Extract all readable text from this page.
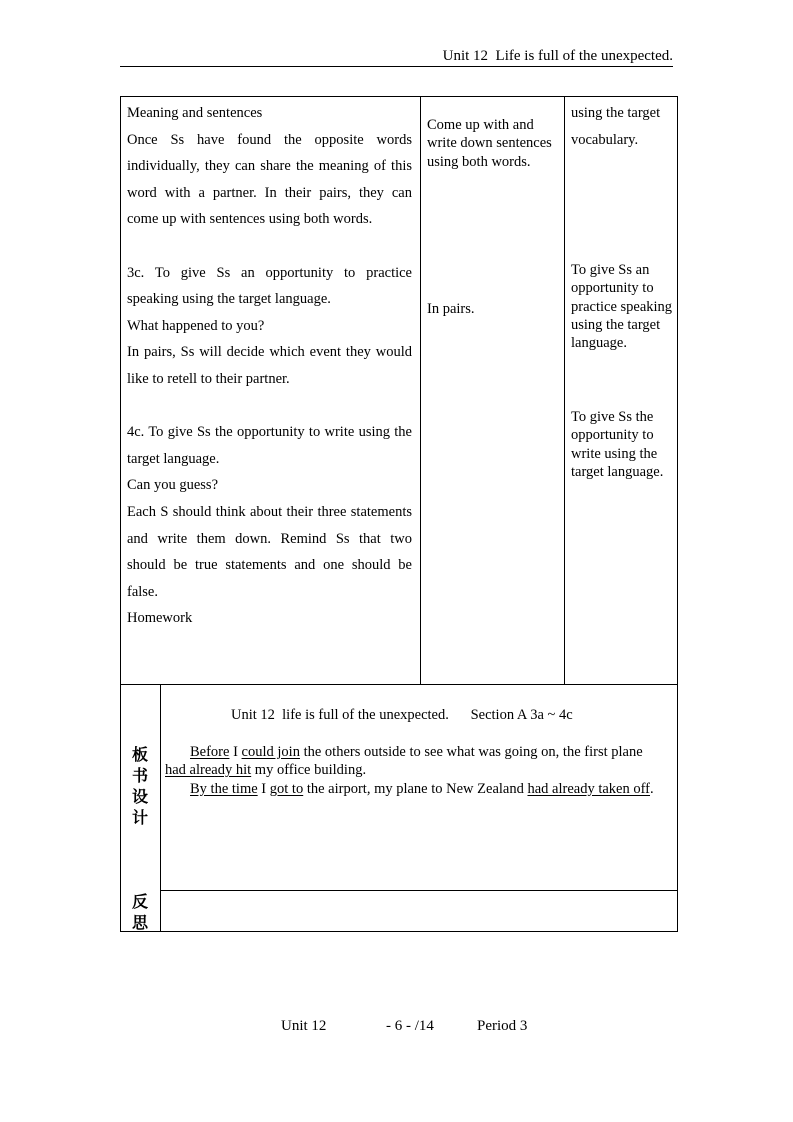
Unit 12  Life is full of the unexpected.

Meaning and sentences

Once Ss have found the opposite words individually, they can share the meaning of this word with a partner. In their pairs, they can come up with sentences using both words.

3c. To give Ss an opportunity to practice speaking using the target language.

What happened to you?

In pairs, Ss will decide which event they would like to retell to their partner.

4c. To give Ss the opportunity to write using the target language.

Can you guess?

Each S should think about their three statements and write them down. Remind Ss that two should be true statements and one should be false.

Homework

Come up with and write down sentences using both words.

In pairs.

using the target vocabulary.

To give Ss an opportunity to practice speaking using the target language.

To give Ss the opportunity to write using the target language.

板
书
设
计
反
思
Unit 12  life is full of the unexpected.      Section A 3a ~ 4c

Before I could join the others outside to see what was going on, the first plane had already hit my office building.

By the time I got to the airport, my plane to New Zealand had already taken off.

Unit 12	- 6 - /14	Period 3
